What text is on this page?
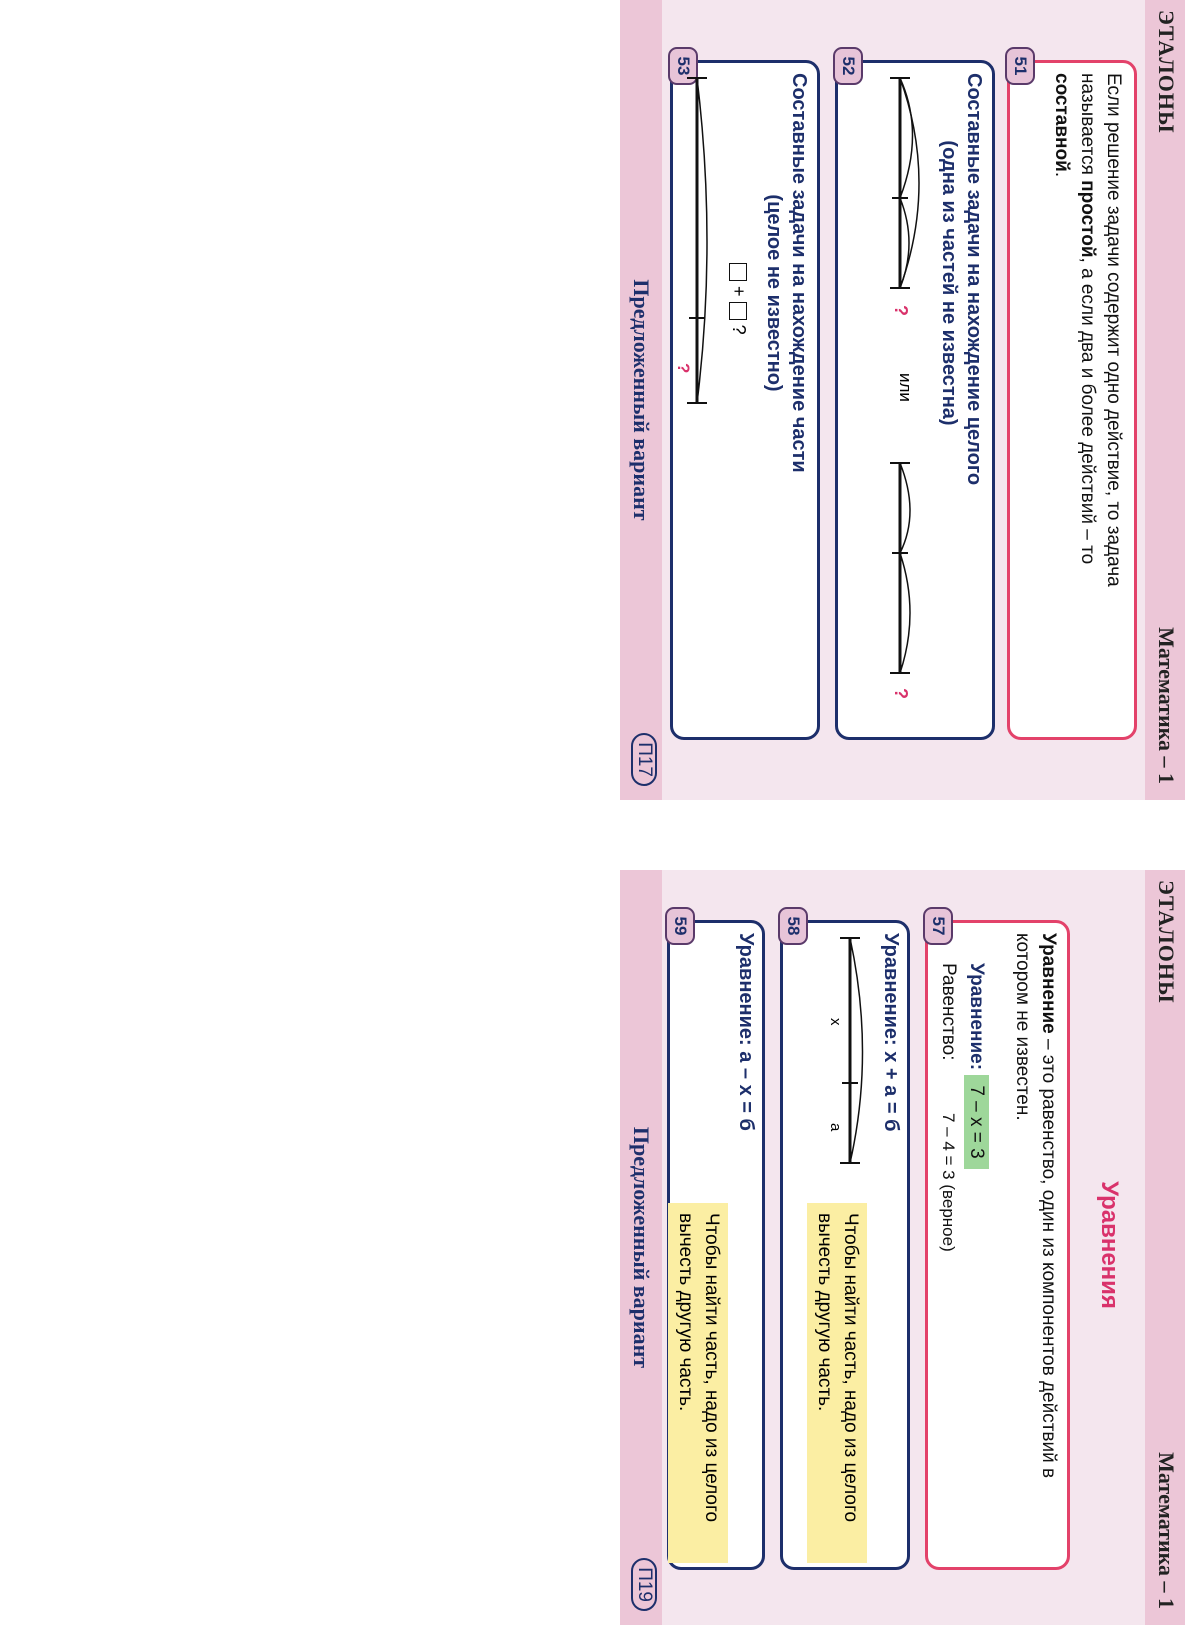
ЭТАЛОНЫ
Математика – 1
51
Если решение задачи содержит одно действие, то задача называется простой, а если два и более действий – то составной.
52
Составные задачи на нахождение целого
(одна из частей не известна)
или
?
?
53
Составные задачи на нахождение части
(целое не известно)
+  ?
?
Предложенный вариант
П17
ЭТАЛОНЫ
Математика – 1
57
Уравнение – это равенство, один из компонентов действий в котором не известен.
Уравнение: 7 – x = 3
Равенство:
7 – 4 = 3 (верное)	Уравнения
58
Уравнение: x + a = б
x
a
Чтобы найти часть, надо из целого вычесть другую часть.
59
Уравнение: a – x = б
Чтобы найти часть, надо из целого вычесть другую часть.
Предложенный вариант
П19
